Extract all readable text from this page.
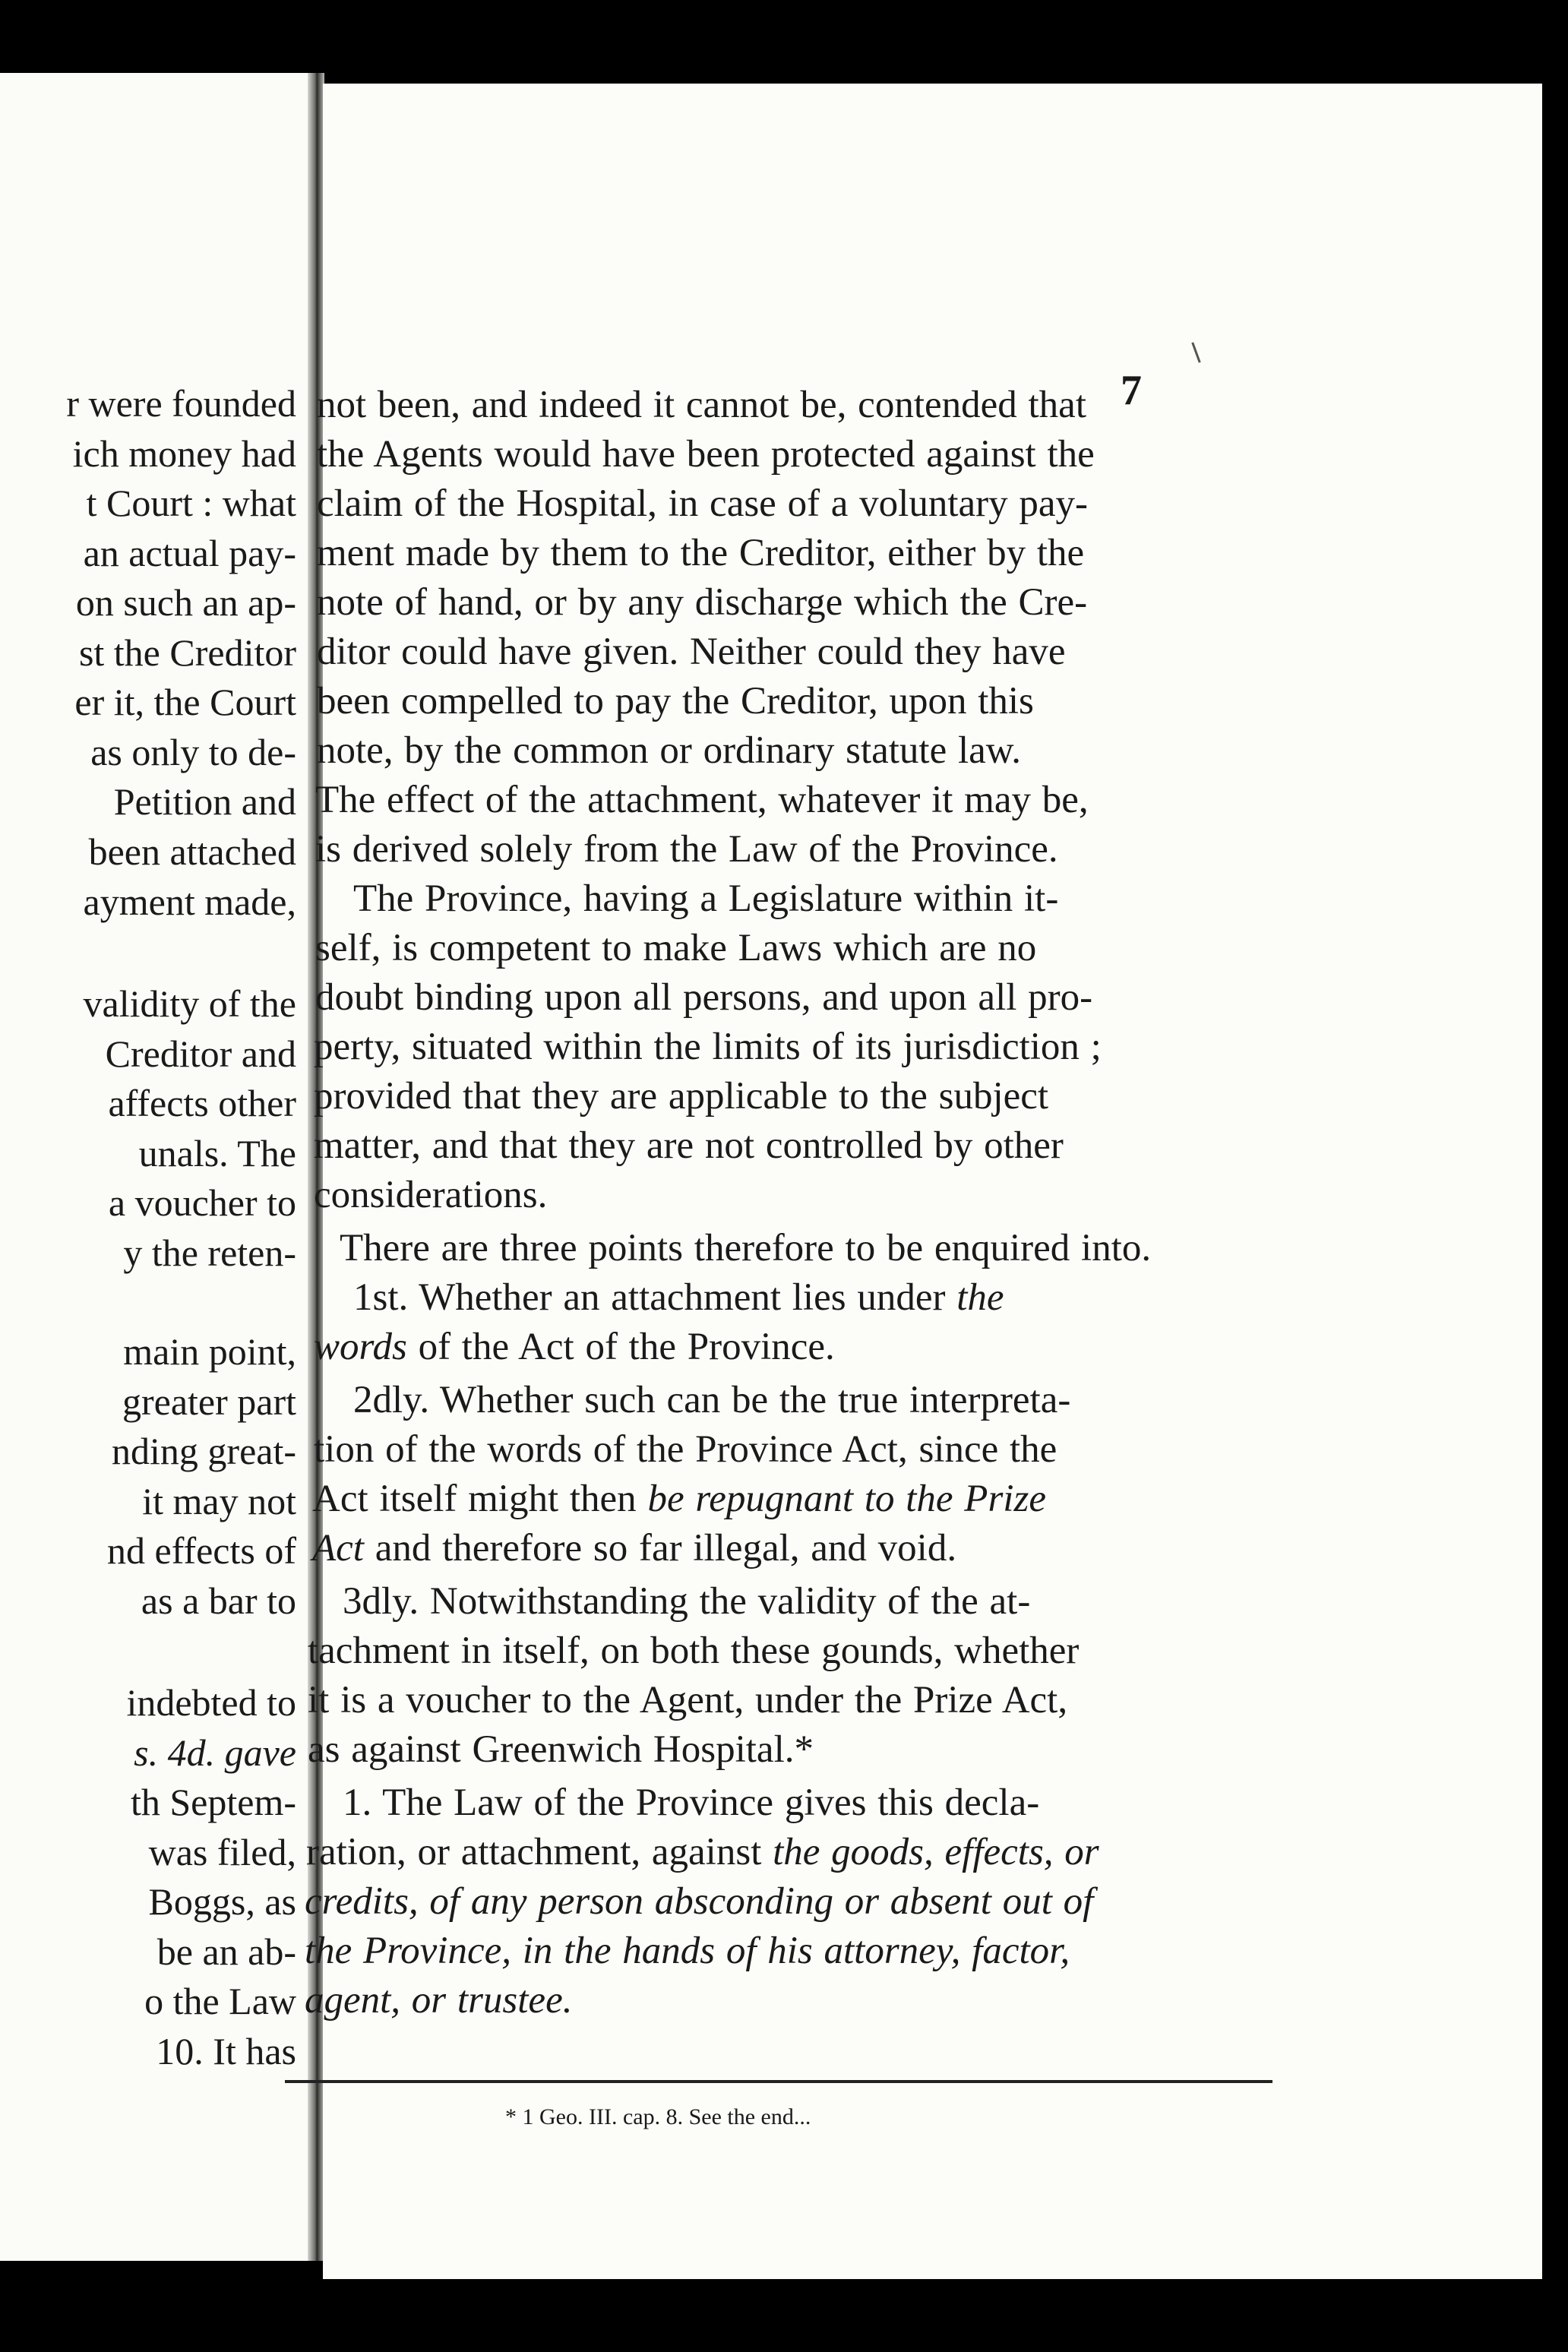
r were founded
ich money had
t Court : what
an actual pay-
on such an ap-
st the Creditor
er it, the Court
as only to de-
Petition and
been attached
ayment made,
validity of the
Creditor and
affects other
unals. The
a voucher to
y the reten-
main point,
greater part
nding great-
it may not
nd effects of
as a bar to
indebted to
s. 4d. gave
th Septem-
was filed,
Boggs, as
be an ab-
o the Law
10. It has
7
not been, and indeed it cannot be, contended that
the Agents would have been protected against the
claim of the Hospital, in case of a voluntary pay-
ment made by them to the Creditor, either by the
note of hand, or by any discharge which the Cre-
ditor could have given. Neither could they have
been compelled to pay the Creditor, upon this
note, by the common or ordinary statute law.
The effect of the attachment, whatever it may be,
is derived solely from the Law of the Province.
The Province, having a Legislature within it-
self, is competent to make Laws which are no
doubt binding upon all persons, and upon all pro-
perty, situated within the limits of its jurisdiction ;
provided that they are applicable to the subject
matter, and that they are not controlled by other
considerations.
There are three points therefore to be enquired into.
1st. Whether an attachment lies under the
words of the Act of the Province.
2dly. Whether such can be the true interpreta-
tion of the words of the Province Act, since the
Act itself might then be repugnant to the Prize
Act and therefore so far illegal, and void.
3dly. Notwithstanding the validity of the at-
tachment in itself, on both these gounds, whether
it is a voucher to the Agent, under the Prize Act,
as against Greenwich Hospital.*
1. The Law of the Province gives this decla-
ration, or attachment, against the goods, effects, or
credits, of any person absconding or absent out of
the Province, in the hands of his attorney, factor,
agent, or trustee.
* 1 Geo. III. cap. 8. See the end...
